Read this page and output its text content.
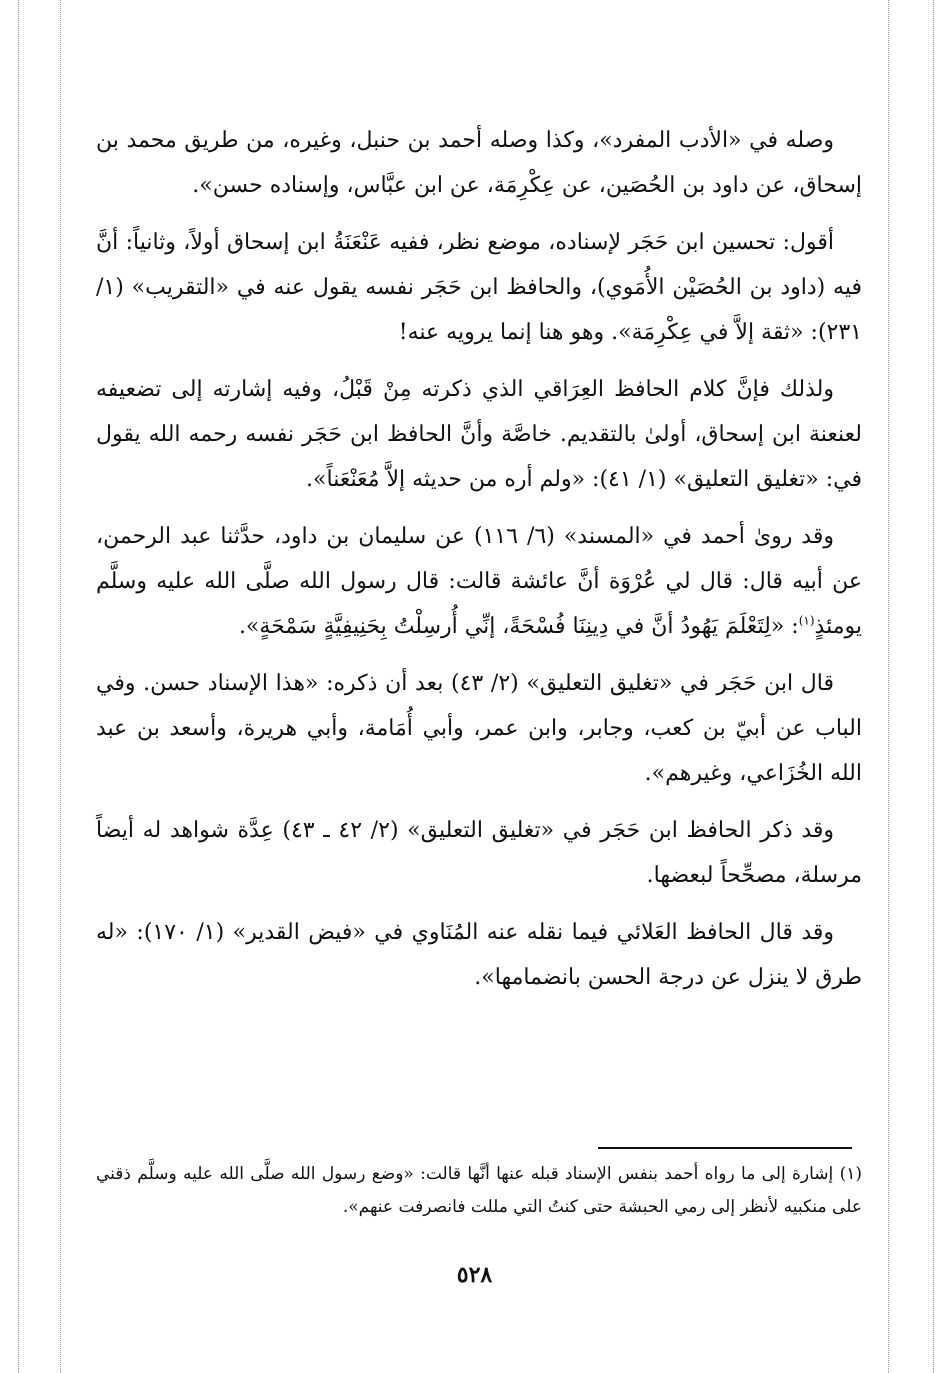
وصله في «الأدب المفرد»، وكذا وصله أحمد بن حنبل، وغيره، من طريق محمد بن إسحاق، عن داود بن الحُصَين، عن عِكْرِمَة، عن ابن عبَّاس، وإسناده حسن».

أقول: تحسين ابن حَجَر لإسناده، موضع نظر، ففيه عَنْعَنَةُ ابن إسحاق أولاً، وثانياً: أنَّ فيه (داود بن الحُصَيْن الأُمَوي)، والحافظ ابن حَجَر نفسه يقول عنه في «التقريب» (١/ ٢٣١): «ثقة إلاَّ في عِكْرِمَة». وهو هنا إنما يرويه عنه!

ولذلك فإنَّ كلام الحافظ العِرَاقي الذي ذكرته مِنْ قَبْلُ، وفيه إشارته إلى تضعيفه لعنعنة ابن إسحاق، أولىٰ بالتقديم. خاصَّة وأنَّ الحافظ ابن حَجَر نفسه رحمه الله يقول في: «تغليق التعليق» (١/ ٤١): «ولم أره من حديثه إلاَّ مُعَنْعَناً».

وقد روىٰ أحمد في «المسند» (٦/ ١١٦) عن سليمان بن داود، حدَّثنا عبد الرحمن، عن أبيه قال: قال لي عُرْوَة أنَّ عائشة قالت: قال رسول الله صلَّى الله عليه وسلَّم يومئذٍ$^{(١)}$: «لِتَعْلَمَ يَهُودُ أنَّ في دِينِنَا فُسْحَةً، إنِّي أُرسِلْتُ بِحَنِيفِيَّةٍ سَمْحَةٍ».

قال ابن حَجَر في «تغليق التعليق» (٢/ ٤٣) بعد أن ذكره: «هذا الإسناد حسن. وفي الباب عن أبيّ بن كعب، وجابر، وابن عمر، وأبي أُمَامة، وأبي هريرة، وأسعد بن عبد الله الخُزَاعي، وغيرهم».

وقد ذكر الحافظ ابن حَجَر في «تغليق التعليق» (٢/ ٤٢ ـ ٤٣) عِدَّة شواهد له أيضاً مرسلة، مصحِّحاً لبعضها.

وقد قال الحافظ العَلائي فيما نقله عنه المُنَاوي في «فيض القدير» (١/ ١٧٠): «له طرق لا ينزل عن درجة الحسن بانضمامها».

(١) إشارة إلى ما رواه أحمد بنفس الإسناد قبله عنها أنَّها قالت: «وضع رسول الله صلَّى الله عليه وسلَّم ذقني على منكبيه لأنظر إلى رمي الحبشة حتى كنتُ التي مللت فانصرفت عنهم».
٥٢٨
